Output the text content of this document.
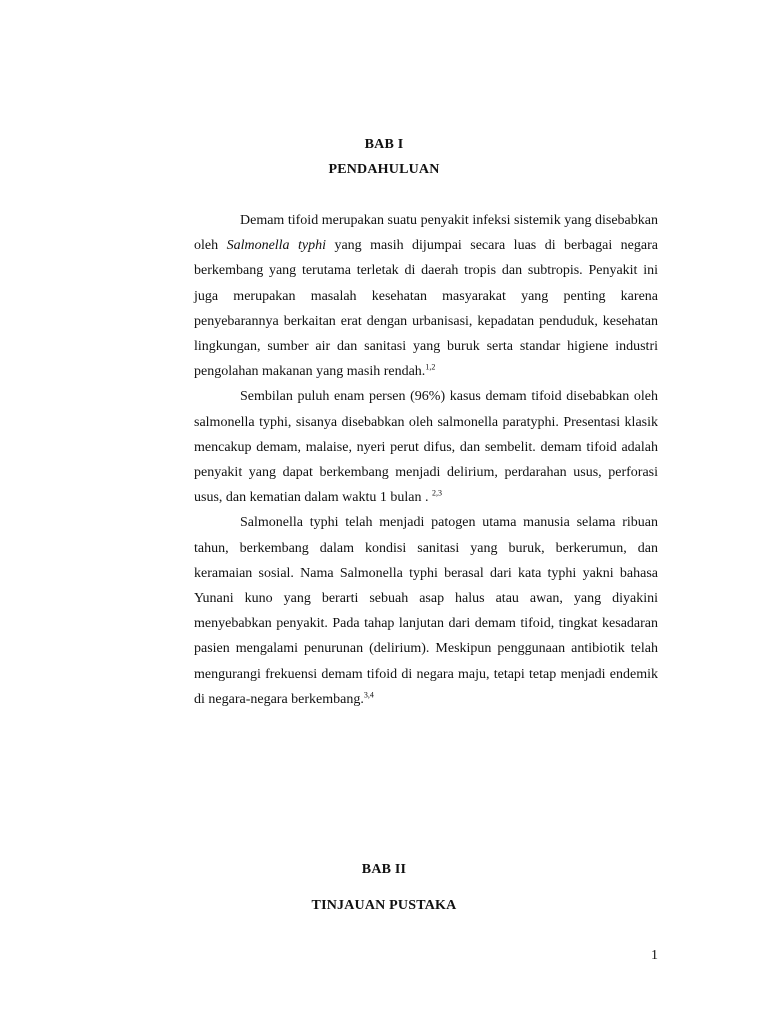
BAB I
PENDAHULUAN

Demam tifoid merupakan suatu penyakit infeksi sistemik yang disebabkan oleh Salmonella typhi yang masih dijumpai secara luas di berbagai negara berkembang yang terutama terletak di daerah tropis dan subtropis. Penyakit ini juga merupakan masalah kesehatan masyarakat yang penting karena penyebarannya berkaitan erat dengan urbanisasi, kepadatan penduduk, kesehatan lingkungan, sumber air dan sanitasi yang buruk serta standar higiene industri pengolahan makanan yang masih rendah.$^{1,2}$

Sembilan puluh enam persen (96%) kasus demam tifoid disebabkan oleh salmonella typhi, sisanya disebabkan oleh salmonella paratyphi. Presentasi klasik mencakup demam, malaise, nyeri perut difus, dan sembelit. demam tifoid adalah penyakit yang dapat berkembang menjadi delirium, perdarahan usus, perforasi usus, dan kematian dalam waktu 1 bulan . $^{2,3}$

Salmonella typhi telah menjadi patogen utama manusia selama ribuan tahun, berkembang dalam kondisi sanitasi yang buruk, berkerumun, dan keramaian sosial. Nama Salmonella typhi berasal dari kata typhi yakni bahasa Yunani kuno yang berarti sebuah asap halus atau awan, yang diyakini menyebabkan penyakit. Pada tahap lanjutan dari demam tifoid, tingkat kesadaran pasien mengalami penurunan (delirium). Meskipun penggunaan antibiotik telah mengurangi frekuensi demam tifoid di negara maju, tetapi tetap menjadi endemik di negara-negara berkembang.$^{3,4}$

BAB II
TINJAUAN PUSTAKA
1
